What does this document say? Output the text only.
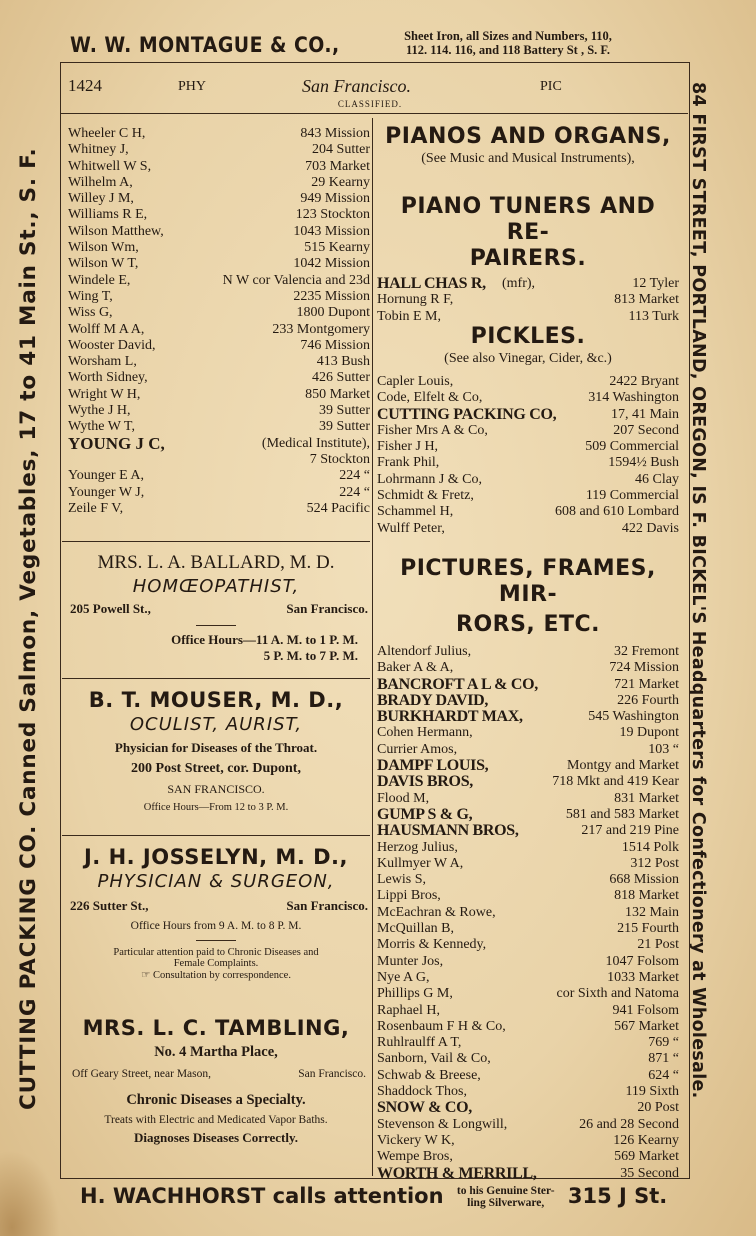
W. W. MONTAGUE & CO.,	Sheet Iron, all Sizes and Numbers, 110,
112. 114. 116, and 118 Battery St , S. F.
CUTTING PACKING CO. Canned Salmon, Vegetables, 17 to 41 Main St., S. F.	84 FIRST STREET, PORTLAND, OREGON, IS F. BICKEL'S Headquarters for Confectionery at Wholesale.
1424	PHY	San Francisco.	PIC
CLASSIFIED.
Wheeler C H,	843 Mission
Whitney J,	204 Sutter
Whitwell W S,	703 Market
Wilhelm A,	29 Kearny
Willey J M,	949 Mission
Williams R E,	123 Stockton
Wilson Matthew,	1043 Mission
Wilson Wm,	515 Kearny
Wilson W T,	1042 Mission
Windele E,	N W cor Valencia and 23d
Wing T,	2235 Mission
Wiss G,	1800 Dupont
Wolff M A A,	233 Montgomery
Wooster David,	746 Mission
Worsham L,	413 Bush
Worth Sidney,	426 Sutter
Wright W H,	850 Market
Wythe J H,	39 Sutter
Wythe W T,	39 Sutter
YOUNG J C,	(Medical Institute),
7 Stockton
Younger E A,	224 “
Younger W J,	224 “
Zeile F V,	524 Pacific
MRS. L. A. BALLARD, M. D.
HOMŒOPATHIST,
205 Powell St.,	San Francisco.
Office Hours—11 A. M. to 1 P. M.
5 P. M. to 7 P. M.
B. T. MOUSER, M. D.,
OCULIST, AURIST,
Physician for Diseases of the Throat.
200 Post Street, cor. Dupont,
SAN FRANCISCO.
Office Hours—From 12 to 3 P. M.
J. H. JOSSELYN, M. D.,
PHYSICIAN & SURGEON,
226 Sutter St.,	San Francisco.
Office Hours from 9 A. M. to 8 P. M.
Particular attention paid to Chronic Diseases and
Female Complaints.
☞ Consultation by correspondence.
MRS. L. C. TAMBLING,
No. 4 Martha Place,
Off Geary Street, near Mason,	San Francisco.
Chronic Diseases a Specialty.
Treats with Electric and Medicated Vapor Baths.
Diagnoses Diseases Correctly.
PIANOS AND ORGANS,
(See Music and Musical Instruments),
PIANO TUNERS AND RE-
PAIRERS.
HALL CHAS R, (mfr),	12 Tyler
Hornung R F,	813 Market
Tobin E M,	113 Turk
PICKLES.
(See also Vinegar, Cider, &c.)
Capler Louis,	2422 Bryant
Code, Elfelt & Co,	314 Washington
CUTTING PACKING CO,	17, 41 Main
Fisher Mrs A & Co,	207 Second
Fisher J H,	509 Commercial
Frank Phil,	1594½ Bush
Lohrmann J & Co,	46 Clay
Schmidt & Fretz,	119 Commercial
Schammel H,	608 and 610 Lombard
Wulff Peter,	422 Davis
PICTURES, FRAMES, MIR-
RORS, ETC.
Altendorf Julius,	32 Fremont
Baker A & A,	724 Mission
BANCROFT A L & CO,	721 Market
BRADY DAVID,	226 Fourth
BURKHARDT MAX,	545 Washington
Cohen Hermann,	19 Dupont
Currier Amos,	103 “
DAMPF LOUIS,	Montgy and Market
DAVIS BROS,	718 Mkt and 419 Kear
Flood M,	831 Market
GUMP S & G,	581 and 583 Market
HAUSMANN BROS,	217 and 219 Pine
Herzog Julius,	1514 Polk
Kullmyer W A,	312 Post
Lewis S,	668 Mission
Lippi Bros,	818 Market
McEachran & Rowe,	132 Main
McQuillan B,	215 Fourth
Morris & Kennedy,	21 Post
Munter Jos,	1047 Folsom
Nye A G,	1033 Market
Phillips G M,	cor Sixth and Natoma
Raphael H,	941 Folsom
Rosenbaum F H & Co,	567 Market
Ruhlraulff A T,	769 “
Sanborn, Vail & Co,	871 “
Schwab & Breese,	624 “
Shaddock Thos,	119 Sixth
SNOW & CO,	20 Post
Stevenson & Longwill,	26 and 28 Second
Vickery W K,	126 Kearny
Wempe Bros,	569 Market
WORTH & MERRILL,	35 Second
H. WACHHORST calls attention to his Genuine Ster-
ling Silverware, 315 J St.
